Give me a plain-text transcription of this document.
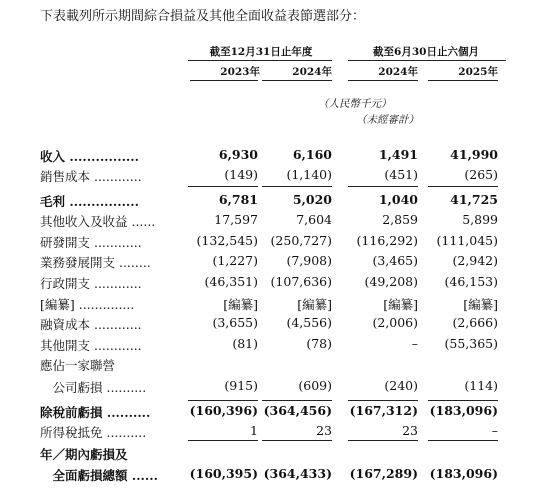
下表載列所示期間綜合損益及其他全面收益表節選部分：
截至12月31日止年度	截至6月30日止六個月
2023年	2024年	2024年	2025年
（人民幣千元）
（未經審計）
收入 ................	6,930	6,160	1,491	41,990
銷售成本 ............	(149)	(1,140)	(451)	(265)
毛利 ................	6,781	5,020	1,040	41,725
其他收入及收益 ......	17,597	7,604	2,859	5,899
研發開支 ............	(132,545)	(250,727)	(116,292)	(111,045)
業務發展開支 ........	(1,227)	(7,908)	(3,465)	(2,942)
行政開支 ............	(46,351)	(107,636)	(49,208)	(46,153)
[編纂] ..............	[編纂]	[編纂]	[編纂]	[編纂]
融資成本 ............	(3,655)	(4,556)	(2,006)	(2,666)
其他開支 ............	(81)	(78)	–	(55,365)
應佔一家聯營
　公司虧損 ..........	(915)	(609)	(240)	(114)
除稅前虧損 ..........	(160,396) (364,456)	(167,312) (183,096)
所得稅抵免 ..........	1	23	23	–
年／期內虧損及
　全面虧損總額 ......	(160,395) (364,433)	(167,289) (183,096)
